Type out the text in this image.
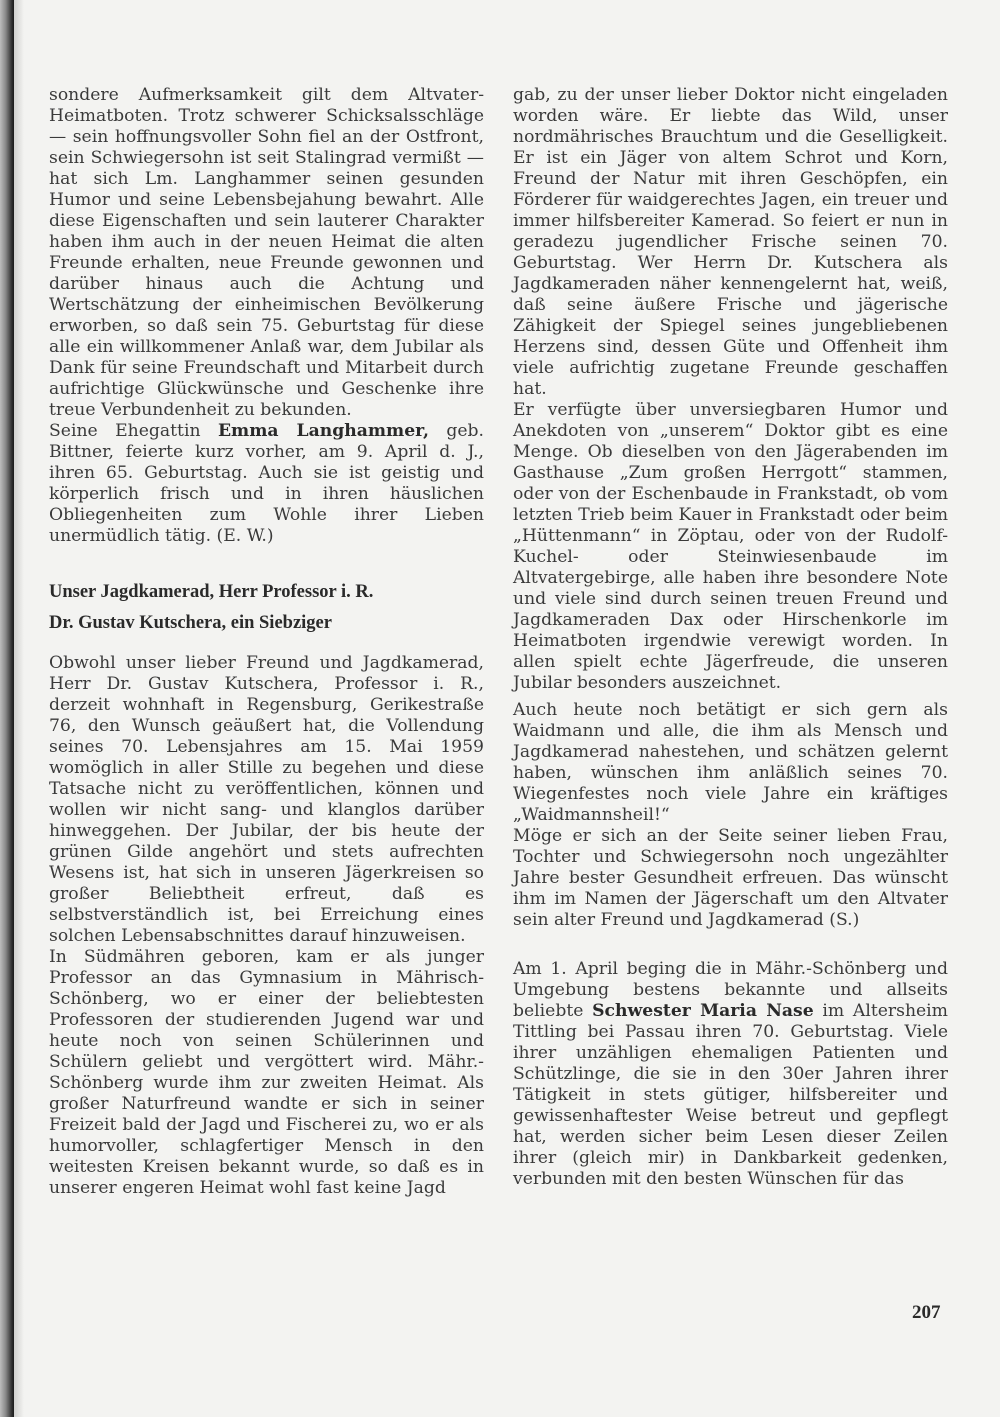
sondere Aufmerksamkeit gilt dem Altvater-Heimatboten. Trotz schwerer Schicksalsschläge — sein hoffnungsvoller Sohn fiel an der Ostfront, sein Schwiegersohn ist seit Stalingrad vermißt — hat sich Lm. Langhammer seinen gesunden Humor und seine Lebensbejahung bewahrt. Alle diese Eigenschaften und sein lauterer Charakter haben ihm auch in der neuen Heimat die alten Freunde erhalten, neue Freunde gewonnen und darüber hinaus auch die Achtung und Wertschätzung der einheimischen Bevölkerung erworben, so daß sein 75. Geburtstag für diese alle ein willkommener Anlaß war, dem Jubilar als Dank für seine Freundschaft und Mitarbeit durch aufrichtige Glückwünsche und Geschenke ihre treue Verbundenheit zu bekunden.

Seine Ehegattin Emma Langhammer, geb. Bittner, feierte kurz vorher, am 9. April d. J., ihren 65. Geburtstag. Auch sie ist geistig und körperlich frisch und in ihren häuslichen Obliegenheiten zum Wohle ihrer Lieben unermüdlich tätig. (E. W.)

Unser Jagdkamerad, Herr Professor i. R.
Dr. Gustav Kutschera, ein Siebziger

Obwohl unser lieber Freund und Jagdkamerad, Herr Dr. Gustav Kutschera, Professor i. R., derzeit wohnhaft in Regensburg, Gerikestraße 76, den Wunsch geäußert hat, die Vollendung seines 70. Lebensjahres am 15. Mai 1959 womöglich in aller Stille zu begehen und diese Tatsache nicht zu veröffentlichen, können und wollen wir nicht sang- und klanglos darüber hinweggehen. Der Jubilar, der bis heute der grünen Gilde angehört und stets aufrechten Wesens ist, hat sich in unseren Jägerkreisen so großer Beliebtheit erfreut, daß es selbstverständlich ist, bei Erreichung eines solchen Lebensabschnittes darauf hinzuweisen.

In Südmähren geboren, kam er als junger Professor an das Gymnasium in Mährisch-Schönberg, wo er einer der beliebtesten Professoren der studierenden Jugend war und heute noch von seinen Schülerinnen und Schülern geliebt und vergöttert wird. Mähr.-Schönberg wurde ihm zur zweiten Heimat. Als großer Naturfreund wandte er sich in seiner Freizeit bald der Jagd und Fischerei zu, wo er als humorvoller, schlagfertiger Mensch in den weitesten Kreisen bekannt wurde, so daß es in unserer engeren Heimat wohl fast keine Jagd

gab, zu der unser lieber Doktor nicht eingeladen worden wäre. Er liebte das Wild, unser nordmährisches Brauchtum und die Geselligkeit. Er ist ein Jäger von altem Schrot und Korn, Freund der Natur mit ihren Geschöpfen, ein Förderer für waidgerechtes Jagen, ein treuer und immer hilfsbereiter Kamerad. So feiert er nun in geradezu jugendlicher Frische seinen 70. Geburtstag. Wer Herrn Dr. Kutschera als Jagdkameraden näher kennengelernt hat, weiß, daß seine äußere Frische und jägerische Zähigkeit der Spiegel seines jungebliebenen Herzens sind, dessen Güte und Offenheit ihm viele aufrichtig zugetane Freunde geschaffen hat.

Er verfügte über unversiegbaren Humor und Anekdoten von „unserem“ Doktor gibt es eine Menge. Ob dieselben von den Jägerabenden im Gasthause „Zum großen Herrgott“ stammen, oder von der Eschenbaude in Frankstadt, ob vom letzten Trieb beim Kauer in Frankstadt oder beim „Hüttenmann“ in Zöptau, oder von der Rudolf-Kuchel- oder Steinwiesenbaude im Altvatergebirge, alle haben ihre besondere Note und viele sind durch seinen treuen Freund und Jagdkameraden Dax oder Hirschenkorle im Heimatboten irgendwie verewigt worden. In allen spielt echte Jägerfreude, die unseren Jubilar besonders auszeichnet.

Auch heute noch betätigt er sich gern als Waidmann und alle, die ihm als Mensch und Jagdkamerad nahestehen, und schätzen gelernt haben, wünschen ihm anläßlich seines 70. Wiegenfestes noch viele Jahre ein kräftiges „Waidmannsheil!“

Möge er sich an der Seite seiner lieben Frau, Tochter und Schwiegersohn noch ungezählter Jahre bester Gesundheit erfreuen. Das wünscht ihm im Namen der Jägerschaft um den Altvater sein alter Freund und Jagdkamerad (S.)

Am 1. April beging die in Mähr.-Schönberg und Umgebung bestens bekannte und allseits beliebte Schwester Maria Nase im Altersheim Tittling bei Passau ihren 70. Geburtstag. Viele ihrer unzähligen ehemaligen Patienten und Schützlinge, die sie in den 30er Jahren ihrer Tätigkeit in stets gütiger, hilfsbereiter und gewissenhaftester Weise betreut und gepflegt hat, werden sicher beim Lesen dieser Zeilen ihrer (gleich mir) in Dankbarkeit gedenken, verbunden mit den besten Wünschen für das

207
